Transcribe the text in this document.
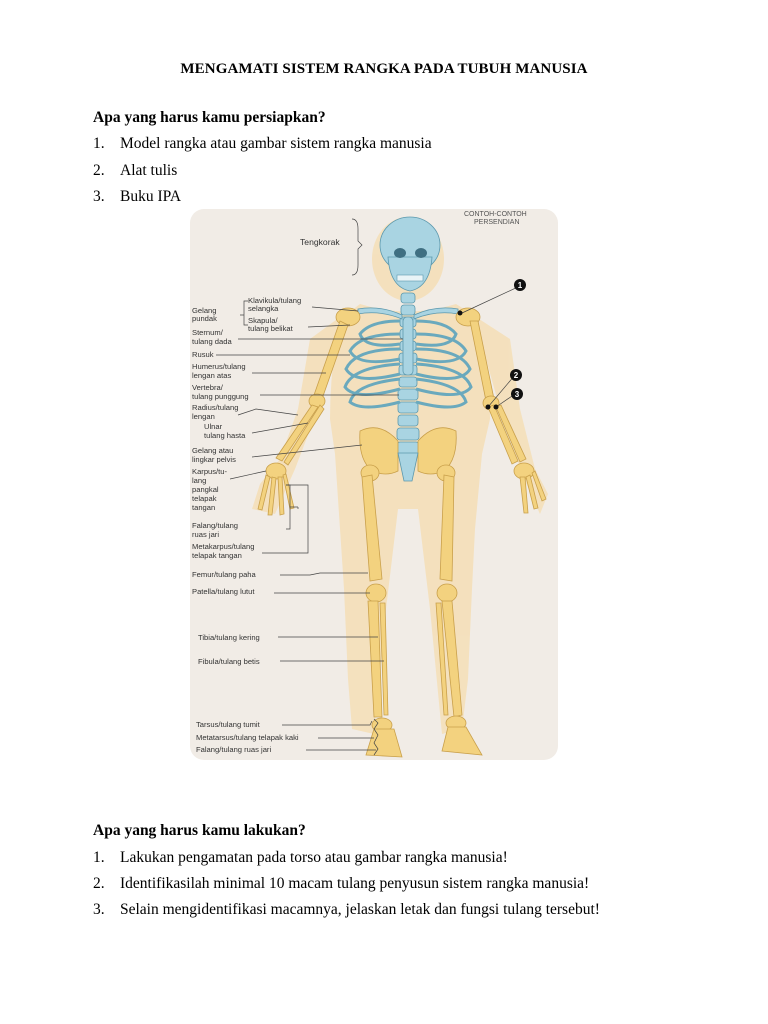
MENGAMATI SISTEM RANGKA PADA TUBUH MANUSIA
Apa yang harus kamu persiapkan?
1. Model rangka atau gambar sistem rangka manusia
2. Alat tulis
3. Buku IPA
CONTOH-CONTOH
PERSENDIAN
Tengkorak
Gelang
pundak
Klavikula/tulang
selangka
Skapula/
tulang belikat
Sternum/
tulang dada
Rusuk
Humerus/tulang
lengan atas
Vertebra/
tulang punggung
Radius/tulang
lengan
Ulnar
tulang hasta
Gelang atau
lingkar pelvis
Karpus/tu-
lang
pangkal
telapak
tangan
Falang/tulang
ruas jari
Metakarpus/tulang
telapak tangan
Femur/tulang paha
Patella/tulang lutut
Tibia/tulang kering
Fibula/tulang betis
Tarsus/tulang tumit
Metatarsus/tulang telapak kaki
Falang/tulang ruas jari
1
2
3
Apa yang harus kamu lakukan?
1. Lakukan pengamatan pada torso atau gambar rangka manusia!
2. Identifikasilah minimal 10 macam tulang penyusun sistem rangka manusia!
3. Selain mengidentifikasi macamnya, jelaskan letak dan fungsi tulang tersebut!
